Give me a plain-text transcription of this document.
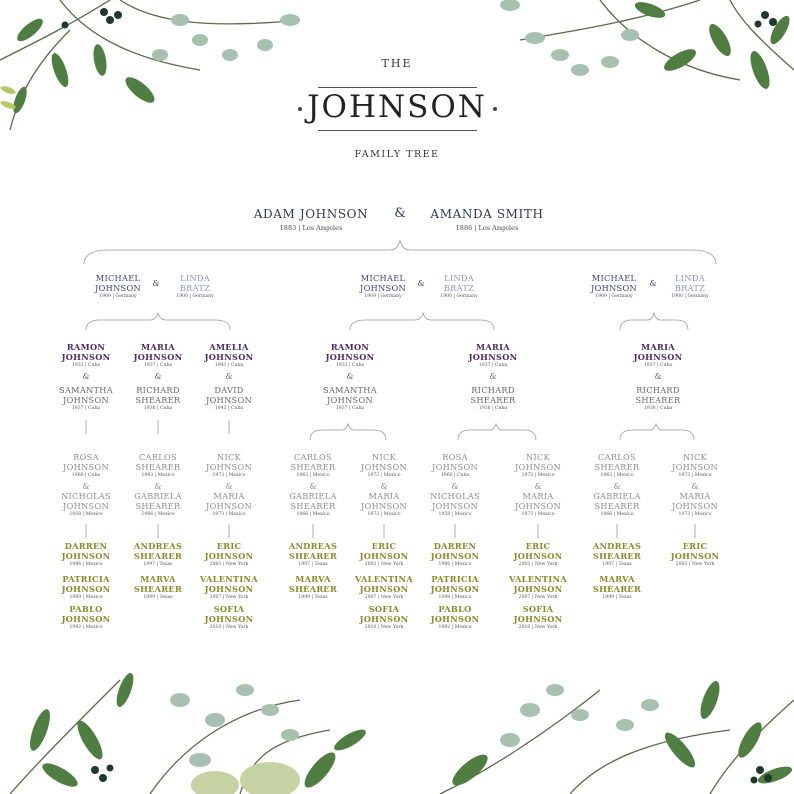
THE
JOHNSON
FAMILY TREE
ADAM JOHNSON
1883 | Los Angeles
&	AMANDA SMITH
1886 | Los Angeles
MICHAEL
JOHNSON
1909 | Germany
LINDA
BRATZ
1900 | Germany
MICHAEL
JOHNSON
1909 | Germany
LINDA
BRATZ
1900 | Germany
MICHAEL
JOHNSON
1909 | Germany
LINDA
BRATZ
1900 | Germany
RAMON
JOHNSON
1933 | Cuba
SAMANTHA
JOHNSON
1937 | Cuba
MARIA
JOHNSON
1937 | Cuba
RICHARD
SHEARER
1936 | Cuba
AMELIA
JOHNSON
1941 | Cuba
DAVID
JOHNSON
1943 | Cuba
RAMON
JOHNSON
1933 | Cuba
SAMANTHA
JOHNSON
1937 | Cuba
MARIA
JOHNSON
1937 | Cuba
RICHARD
SHEARER
1936 | Cuba
MARIA
JOHNSON
1937 | Cuba
RICHARD
SHEARER
1936 | Cuba
ROSA
JOHNSON
1960 | Cuba
NICHOLAS
JOHNSON
1958 | Mexico
CARLOS
SHEARER
1963 | Mexico
GABRIELA
SHEARER
1966 | Mexico
NICK
JOHNSON
1973 | Mexico
MARIA
JOHNSON
1973 | Mexico
CARLOS
SHEARER
1963 | Mexico
GABRIELA
SHEARER
1966 | Mexico
NICK
JOHNSON
1973 | Mexico
MARIA
JOHNSON
1973 | Mexico
ROSA
JOHNSON
1960 | Cuba
NICHOLAS
JOHNSON
1958 | Mexico
NICK
JOHNSON
1973 | Mexico
MARIA
JOHNSON
1973 | Mexico
CARLOS
SHEARER
1963 | Mexico
GABRIELA
SHEARER
1966 | Mexico
NICK
JOHNSON
1973 | Mexico
MARIA
JOHNSON
1973 | Mexico
DARREN
JOHNSON
1986 | Mexico
PATRICIA
JOHNSON
1989 | Mexico
PABLO
JOHNSON
1992 | Mexico
ANDREAS
SHEARER
1997 | Texas
MARVA
SHEARER
1999 | Texas
ERIC
JOHNSON
2003 | New York
VALENTINA
JOHNSON
2007 | New York
SOFIA
JOHNSON
2010 | New York
ANDREAS
SHEARER
1997 | Texas
MARVA
SHEARER
1999 | Texas
ERIC
JOHNSON
2003 | New York
VALENTINA
JOHNSON
2007 | New York
SOFIA
JOHNSON
2010 | New York
DARREN
JOHNSON
1986 | Mexico
PATRICIA
JOHNSON
1989 | Mexico
PABLO
JOHNSON
1992 | Mexico
ERIC
JOHNSON
2003 | New York
VALENTINA
JOHNSON
2007 | New York
SOFIA
JOHNSON
2010 | New York
ANDREAS
SHEARER
1997 | Texas
MARVA
SHEARER
1999 | Texas
ERIC
JOHNSON
2003 | New York
&	&	&
&	&	&	&	&	&
&	&	&	&	&	&	&	&	&
